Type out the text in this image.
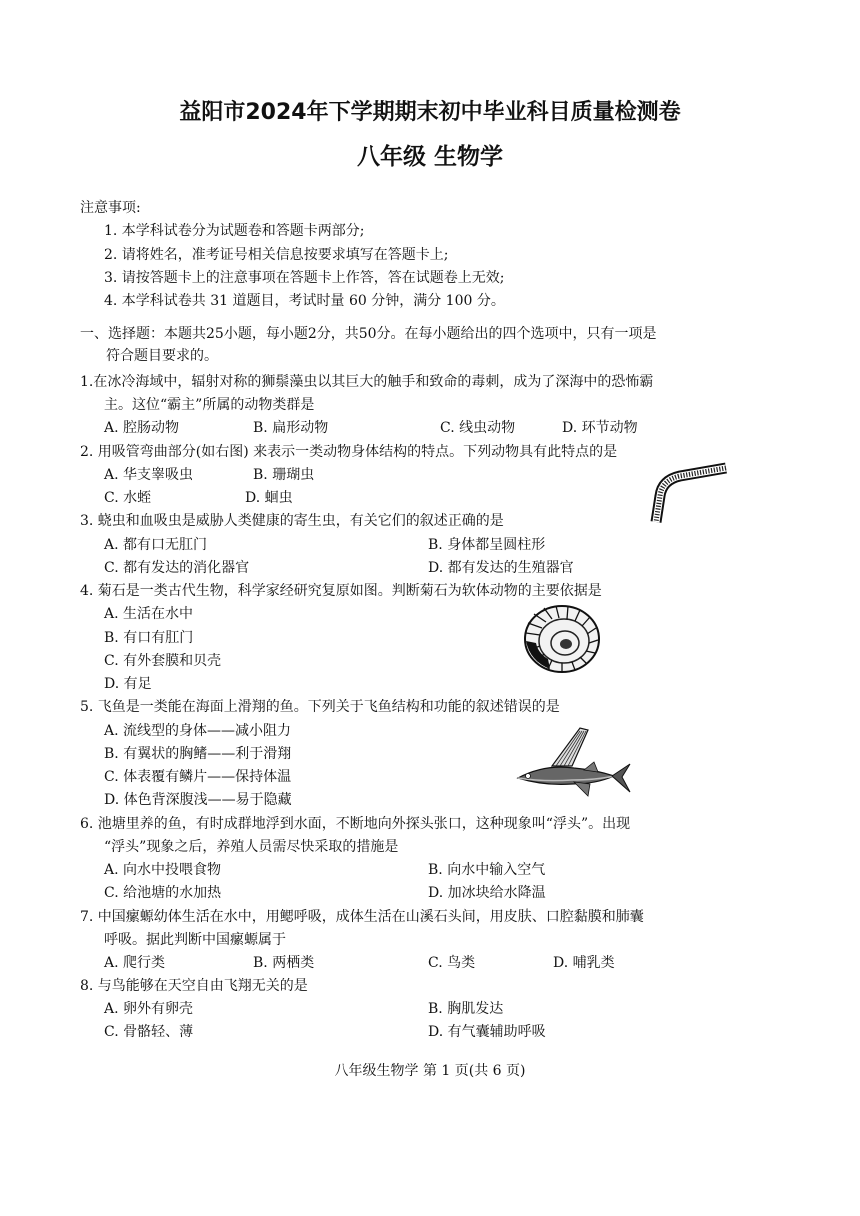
益阳市2024年下学期期末初中毕业科目质量检测卷
八年级 生物学
注意事项:
1. 本学科试卷分为试题卷和答题卡两部分;
2. 请将姓名，准考证号相关信息按要求填写在答题卡上;
3. 请按答题卡上的注意事项在答题卡上作答，答在试题卷上无效;
4. 本学科试卷共 31 道题目，考试时量 60 分钟，满分 100 分。
一、选择题：本题共25小题，每小题2分，共50分。在每小题给出的四个选项中，只有一项是
符合题目要求的。
1.在冰冷海域中，辐射对称的狮鬃藻虫以其巨大的触手和致命的毒刺，成为了深海中的恐怖霸
主。这位“霸主”所属的动物类群是
A. 腔肠动物	B. 扁形动物	C. 线虫动物	D. 环节动物
2. 用吸管弯曲部分(如右图) 来表示一类动物身体结构的特点。下列动物具有此特点的是
A. 华支睾吸虫	B. 珊瑚虫
C. 水蛭	D. 蛔虫
3. 蛲虫和血吸虫是威胁人类健康的寄生虫，有关它们的叙述正确的是
A. 都有口无肛门	B. 身体都呈圆柱形
C. 都有发达的消化器官	D. 都有发达的生殖器官
4. 菊石是一类古代生物，科学家经研究复原如图。判断菊石为软体动物的主要依据是
A. 生活在水中
B. 有口有肛门
C. 有外套膜和贝壳
D. 有足
5. 飞鱼是一类能在海面上滑翔的鱼。下列关于飞鱼结构和功能的叙述错误的是
A. 流线型的身体——减小阻力
B. 有翼状的胸鳍——利于滑翔
C. 体表覆有鳞片——保持体温
D. 体色背深腹浅——易于隐藏
6. 池塘里养的鱼，有时成群地浮到水面，不断地向外探头张口，这种现象叫“浮头”。出现
“浮头”现象之后，养殖人员需尽快采取的措施是
A. 向水中投喂食物	B. 向水中输入空气
C. 给池塘的水加热	D. 加冰块给水降温
7. 中国瘰螈幼体生活在水中，用鳃呼吸，成体生活在山溪石头间，用皮肤、口腔黏膜和肺囊
呼吸。据此判断中国瘰螈属于
A. 爬行类	B. 两栖类	C. 鸟类	D. 哺乳类
8. 与鸟能够在天空自由飞翔无关的是
A. 卵外有卵壳	B. 胸肌发达
C. 骨骼轻、薄	D. 有气囊辅助呼吸
八年级生物学 第 1 页(共 6 页)
